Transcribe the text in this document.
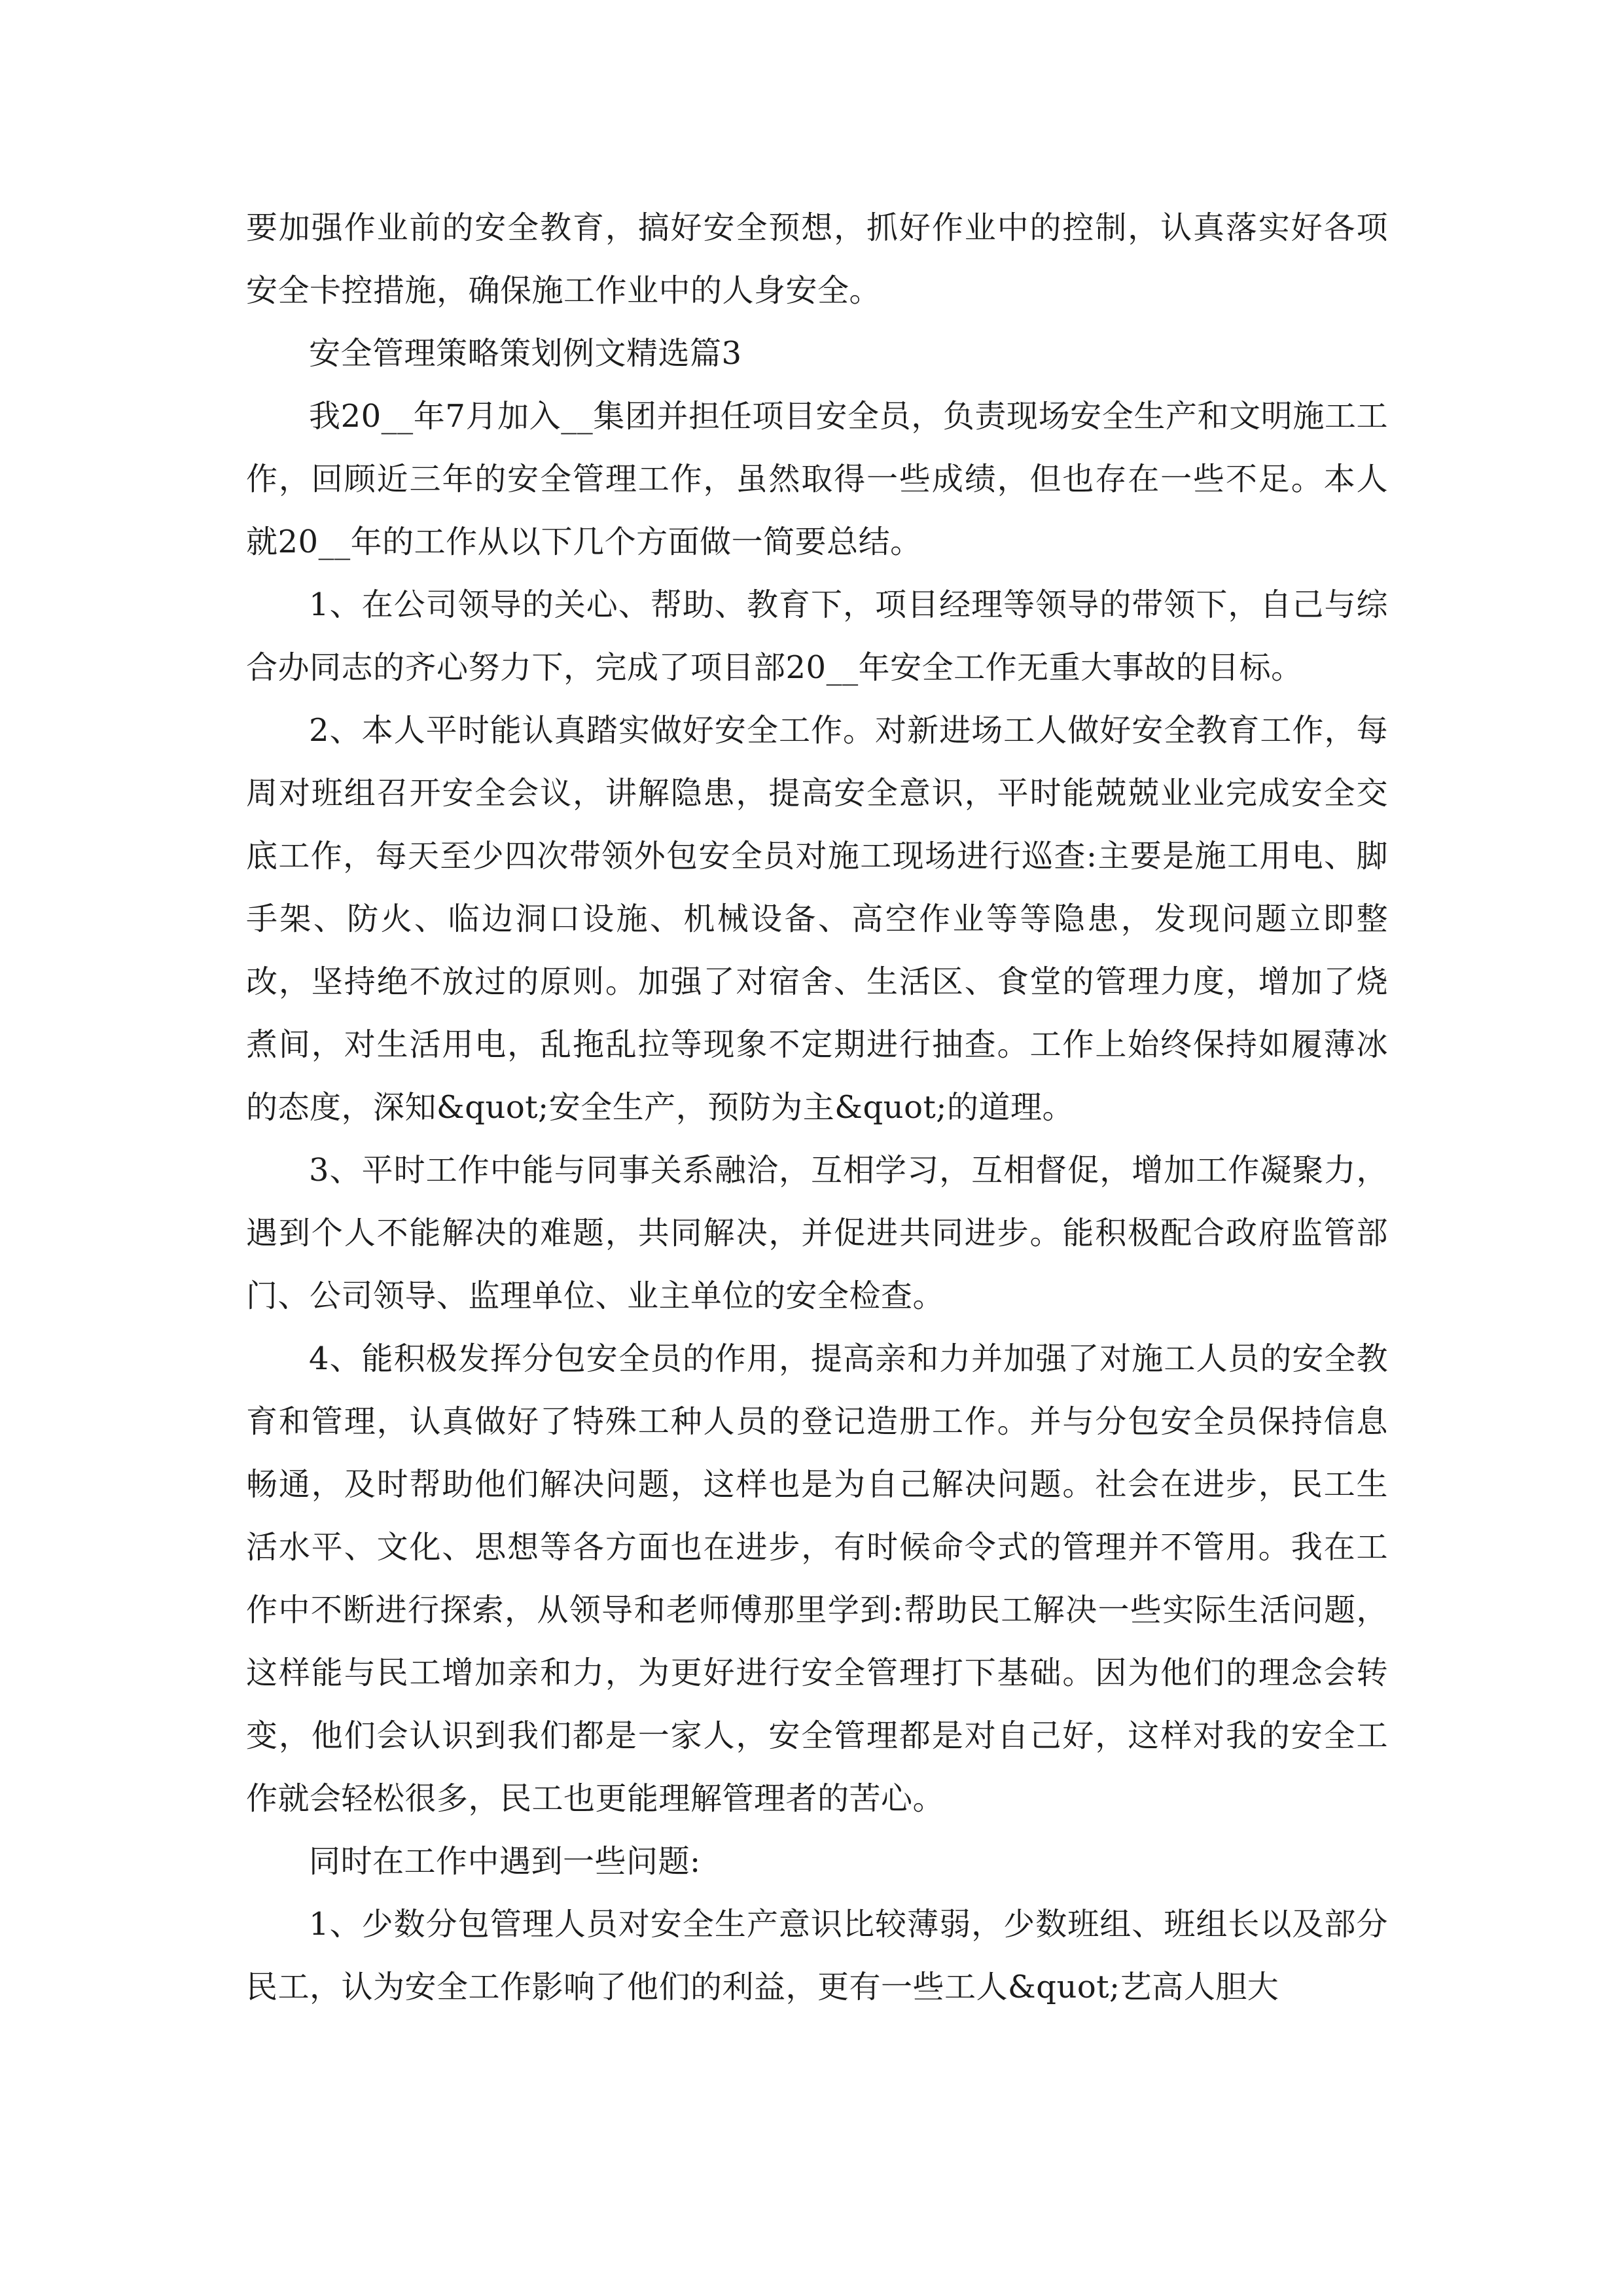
要加强作业前的安全教育，搞好安全预想，抓好作业中的控制，认真落实好各项安全卡控措施，确保施工作业中的人身安全。

安全管理策略策划例文精选篇3

我20__年7月加入__集团并担任项目安全员，负责现场安全生产和文明施工工作，回顾近三年的安全管理工作，虽然取得一些成绩，但也存在一些不足。本人就20__年的工作从以下几个方面做一简要总结。

1、在公司领导的关心、帮助、教育下，项目经理等领导的带领下，自己与综合办同志的齐心努力下，完成了项目部20__年安全工作无重大事故的目标。

2、本人平时能认真踏实做好安全工作。对新进场工人做好安全教育工作，每周对班组召开安全会议，讲解隐患，提高安全意识，平时能兢兢业业完成安全交底工作，每天至少四次带领外包安全员对施工现场进行巡查:主要是施工用电、脚手架、防火、临边洞口设施、机械设备、高空作业等等隐患，发现问题立即整改，坚持绝不放过的原则。加强了对宿舍、生活区、食堂的管理力度，增加了烧煮间，对生活用电，乱拖乱拉等现象不定期进行抽查。工作上始终保持如履薄冰的态度，深知&quot;安全生产，预防为主&quot;的道理。

3、平时工作中能与同事关系融洽，互相学习，互相督促，增加工作凝聚力，遇到个人不能解决的难题，共同解决，并促进共同进步。能积极配合政府监管部门、公司领导、监理单位、业主单位的安全检查。

4、能积极发挥分包安全员的作用，提高亲和力并加强了对施工人员的安全教育和管理，认真做好了特殊工种人员的登记造册工作。并与分包安全员保持信息畅通，及时帮助他们解决问题，这样也是为自己解决问题。社会在进步，民工生活水平、文化、思想等各方面也在进步，有时候命令式的管理并不管用。我在工作中不断进行探索，从领导和老师傅那里学到:帮助民工解决一些实际生活问题，这样能与民工增加亲和力，为更好进行安全管理打下基础。因为他们的理念会转变，他们会认识到我们都是一家人，安全管理都是对自己好，这样对我的安全工作就会轻松很多，民工也更能理解管理者的苦心。

同时在工作中遇到一些问题:

1、少数分包管理人员对安全生产意识比较薄弱，少数班组、班组长以及部分民工，认为安全工作影响了他们的利益，更有一些工人&quot;艺高人胆大
